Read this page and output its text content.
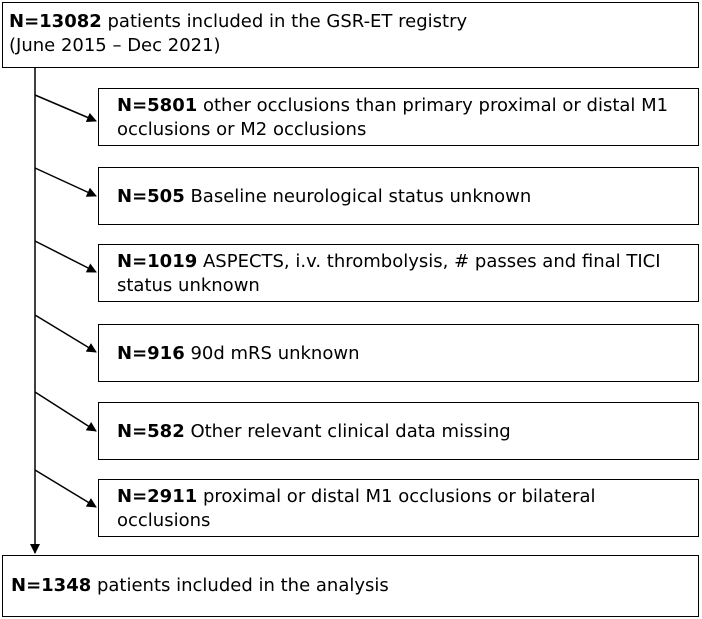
N=13082 patients included in the GSR-ET registry
(June 2015 – Dec 2021)
N=5801 other occlusions than primary proximal or distal M1
occlusions or M2 occlusions
N=505 Baseline neurological status unknown
N=1019 ASPECTS, i.v. thrombolysis, # passes and final TICI
status unknown
N=916 90d mRS unknown
N=582 Other relevant clinical data missing
N=2911 proximal or distal M1 occlusions or bilateral
occlusions
N=1348 patients included in the analysis
